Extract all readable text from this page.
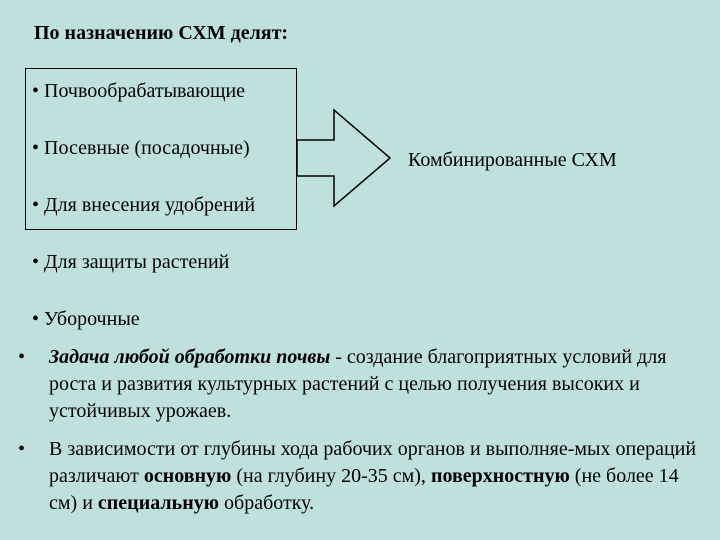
По назначению СХМ делят:
• Почвообрабатывающие
• Посевные (посадочные)
• Для внесения удобрений
• Для защиты растений
• Уборочные
Комбинированные СХМ
• Задача любой обработки почвы - создание благоприятных условий для роста и развития культурных растений с целью получения высоких и устойчивых урожаев.
• В зависимости от глубины хода рабочих органов и выполняе-мых операций различают основную (на глубину 20-35 см), поверхностную (не более 14 см) и специальную обработку.
